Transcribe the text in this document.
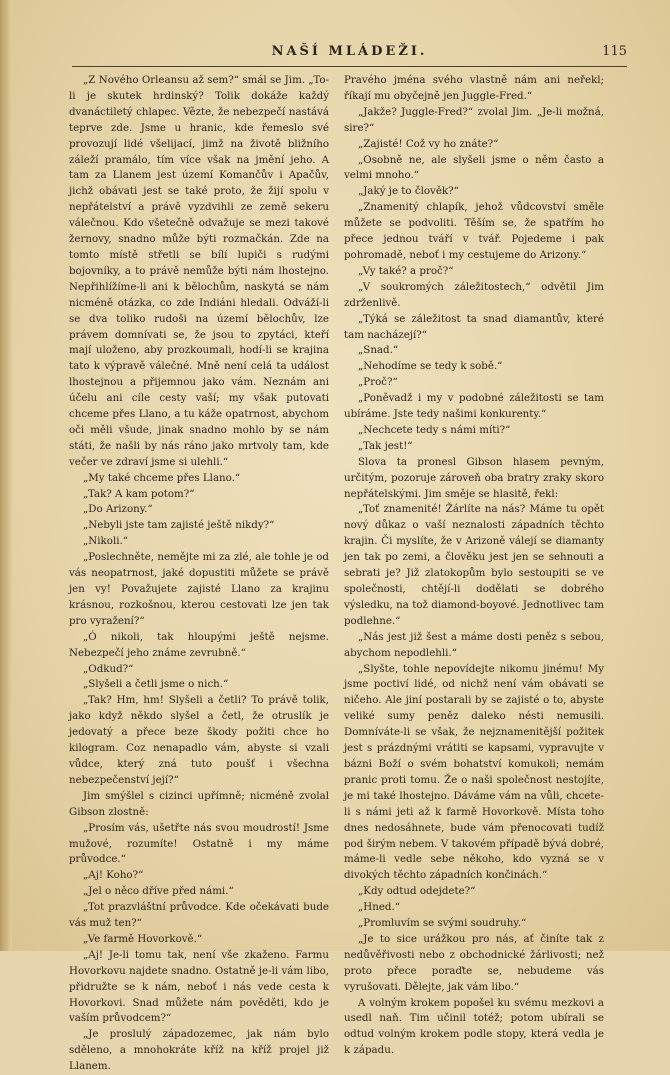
NAŠÍ MLÁDEŽI.	115

„Z Nového Orleansu až sem?“ smál se Jim. „To-li je skutek hrdinský? Tolik dokáže každý dvanáctiletý chlapec. Vězte, že nebezpečí nastává teprve zde. Jsme u hranic, kde řemeslo své provozují lidé všelijací, jimž na životě bližního záleží pramálo, tím více však na jmění jeho. A tam za Llanem jest území Komančův i Apačův, jichž obávati jest se také proto, že žijí spolu v nepřátelství a právě vyzdvihli ze země sekeru válečnou. Kdo všetečně odvažuje se mezi takové žernovy, snadno může býti rozmačkán. Zde na tomto místě střetli se bílí lupiči s rudými bojovníky, a to právě nemůže býti nám lhostejno. Nepřihlížíme-li ani k bělochům, naskytá se nám nicméně otázka, co zde Indiáni hledali. Odváží-li se dva toliko rudoši na území bělochův, lze právem domnívati se, že jsou to zpytáci, kteří mají uloženo, aby prozkoumali, hodí-li se krajina tato k výpravě válečné. Mně není celá ta událost lhostejnou a přijemnou jako vám. Neznám ani účelu ani cíle cesty vaší; my však putovati chceme přes Llano, a tu káže opatrnost, abychom oči měli všude, jinak snadno mohlo by se nám státi, že našli by nás ráno jako mrtvoly tam, kde večer ve zdraví jsme si ulehli.“

„My také chceme přes Llano.“

„Tak? A kam potom?“

„Do Arizony.“

„Nebyli jste tam zajisté ještě nikdy?“

„Nikoli.“

„Poslechněte, nemějte mi za zlé, ale tohle je od vás neopatrnost, jaké dopustiti můžete se právě jen vy! Považujete zajisté Llano za krajinu krásnou, rozkošnou, kterou cestovati lze jen tak pro vyražení?“

„Ó nikoli, tak hloupými ještě nejsme. Nebezpečí jeho známe zevrubně.“

„Odkud?“

„Slyšeli a četli jsme o nich.“

„Tak? Hm, hm! Slyšeli a četli? To právě tolik, jako když někdo slyšel a četl, že otruslík je jedovatý a přece beze škody požiti chce ho kilogram. Coz nenapadlo vám, abyste si vzali vůdce, který zná tuto poušť i všechna nebezpečenství její?“

Jim smýšlel s cizinci upřímně; nicméně zvolal Gibson zlostně:

„Prosím vás, ušetřte nás svou moudrostí! Jsme mužové, rozumíte! Ostatně i my máme průvodce.“

„Aj! Koho?“

„Jel o něco dříve před námi.“

„Tot prazvláštní průvodce. Kde očekávati bude vás muž ten?“

„Ve farmě Hovorkově.“

„Aj! Je-li tomu tak, není vše zkaženo. Farmu Hovorkovu najdete snadno. Ostatně je-li vám libo, přidružte se k nám, neboť i nás vede cesta k Hovorkovi. Snad můžete nám pověděti, kdo je vaším průvodcem?“

„Je proslulý západozemec, jak nám bylo sděleno, a mnohokráte kříž na kříž projel již Llanem.

Pravého jména svého vlastně nám ani neřekl; říkají mu obyčejně jen Juggle-Fred.“

„Jakže? Juggle-Fred?“ zvolal Jim. „Je-li možná, sire?“

„Zajisté! Což vy ho znáte?“

„Osobně ne, ale slyšeli jsme o něm často a velmi mnoho.“

„Jaký je to člověk?“

„Znamenitý chlapík, jehož vůdcovství směle můžete se podvoliti. Těším se, že spatřím ho přece jednou tváří v tvář. Pojedeme i pak pohromadě, neboť i my cestujeme do Arizony.“

„Vy také? a proč?“

„V soukromých záležitostech,“ odvětil Jim zdrženlivě.

„Týká se záležitost ta snad diamantův, které tam nacházejí?“

„Snad.“

„Nehodíme se tedy k sobě.“

„Proč?“

„Poněvadž i my v podobné záležitosti se tam ubíráme. Jste tedy našimi konkurenty.“

„Nechcete tedy s námi míti?“

„Tak jest!“

Slova ta pronesl Gibson hlasem pevným, určitým, pozoruje zároveň oba bratry zraky skoro nepřátelskými. Jim směje se hlasitě, řekl:

„Toť znamenité! Žárlíte na nás? Máme tu opět nový důkaz o vaší neznalosti západních těchto krajin. Či myslíte, že v Arizoně válejí se diamanty jen tak po zemi, a člověku jest jen se sehnouti a sebrati je? Již zlatokopům bylo sestoupiti se ve společnosti, chtějí-li dodělati se dobrého výsledku, na tož diamond-boyové. Jednotlivec tam podlehne.“

„Nás jest již šest a máme dosti peněz s sebou, abychom nepodlehli.“

„Slyšte, tohle nepovídejte nikomu jinému! My jsme poctiví lidé, od nichž není vám obávati se ničeho. Ale jiní postarali by se zajisté o to, abyste veliké sumy peněz daleko nésti nemusili. Domníváte-li se však, že nejznamenitější požitek jest s prázdnými vrátiti se kapsami, vypravujte v bázni Boží o svém bohatství komukoli; nemám pranic proti tomu. Že o naši společnost nestojíte, je mi také lhostejno. Dáváme vám na vůli, chcete-li s námi jeti až k farmě Hovorkově. Místa toho dnes nedosáhnete, bude vám přenocovati tudíž pod širým nebem. V takovém případě bývá dobré, máme-li vedle sebe někoho, kdo vyzná se v divokých těchto západních končinách.“

„Kdy odtud odejdete?“

„Hned.“

„Promluvím se svými soudruhy.“

„Je to sice urážkou pro nás, ať činíte tak z nedůvěřivosti nebo z obchodnické žárlivosti; než proto přece poraďte se, nebudeme vás vyrušovati. Dělejte, jak vám libo.“

A volným krokem popošel ku svému mezkovi a usedl naň. Tim učinil totéž; potom ubírali se odtud volným krokem podle stopy, která vedla je k západu.
